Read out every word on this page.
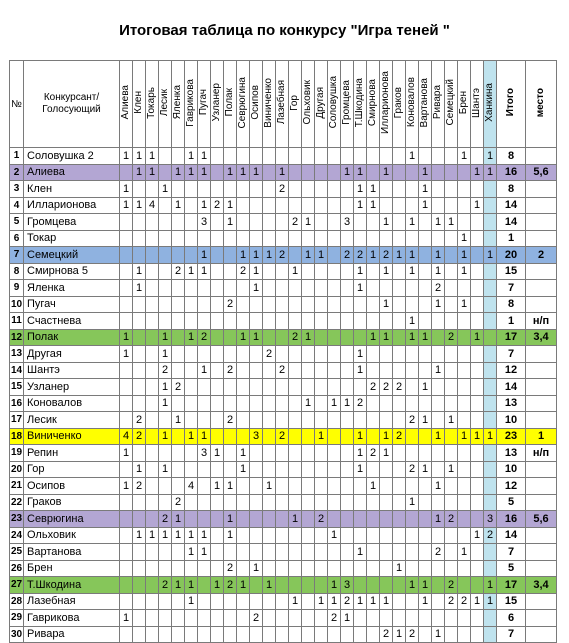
Итоговая таблица по конкурсу "Игра теней "
№	Конкурсант/ Голосующий	Алиева	Клен	Токарь	Лесик	Яленка	Гаврикова	Пугач	Узланер	Полак	Севрюгина	Осипов	Виниченко	Лазебная	Гор	Ольховик	Другая	Соловушка	Громцева	Т.Шкодина	Смирнова	Илларионова	Граков	Коновалов	Вартанова	Ривара	Семецкий	Брен	Шантэ	Ханкина	Итого	место
1	Соловушка 2	1	1	1			1	1																1				1		1	8	
2	Алиева		1	1		1	1	1		1	1	1		1					1	1		1			1				1	1	16	5,6
3	Клен	1			1									2						1	1				1						8	
4	Илларионова	1	1	4		1		1	2	1										1	1				1				1		14	
5	Громцева							3		1					2	1			3			1		1		1	1				14	
6	Токар																											1			1	
7	Семецкий							1			1	1	1	2		1	1		2	2	1	2	1	1		1		1		1	20	2
8	Смирнова 5		1			2	1	1			2	1			1					1		1		1		1		1			15	
9	Яленка		1									1								1						2					7	
10	Пугач									2												1				1		1			8	
11	Счастнева																							1							1	н/п
12	Полак	1			1		1	2			1	1			2	1					1	1		1	1		2		1		17	3,4
13	Другая	1			1								2							1											7	
14	Шантэ				2			1		2				2						1						1					12	
15	Узланер				1	2															2	2	2		1						14	
16	Коновалов				1											1		1	1	2											13	
17	Лесик		2			1				2														2	1		1				10	
18	Виниченко	4	2		1		1	1				3		2			1			1		1	2			1		1	1	1	23	1
19	Репин	1						3	1		1									1	2	1									13	н/п
20	Гор		1		1						1									1				2	1		1				10	
21	Осипов	1	2				4		1	1			1								1					1					12	
22	Граков					2																		1							5	
23	Севрюгина				2	1				1					1		2									1	2			3	16	5,6
24	Ольховик		1	1	1	1	1	1		1								1											1	2	14	
25	Вартанова						1	1												1						2		1			7	
26	Брен									2		1											1								5	
27	Т.Шкодина				2	1	1		1	2	1		1					1	3					1	1		2			1	17	3,4
28	Лазебная						1								1		1	1	2	1	1	1			1		2	2	1	1	15	
29	Гаврикова	1										2						2	1												6	
30	Ривара																					2	1	2		1					7	
